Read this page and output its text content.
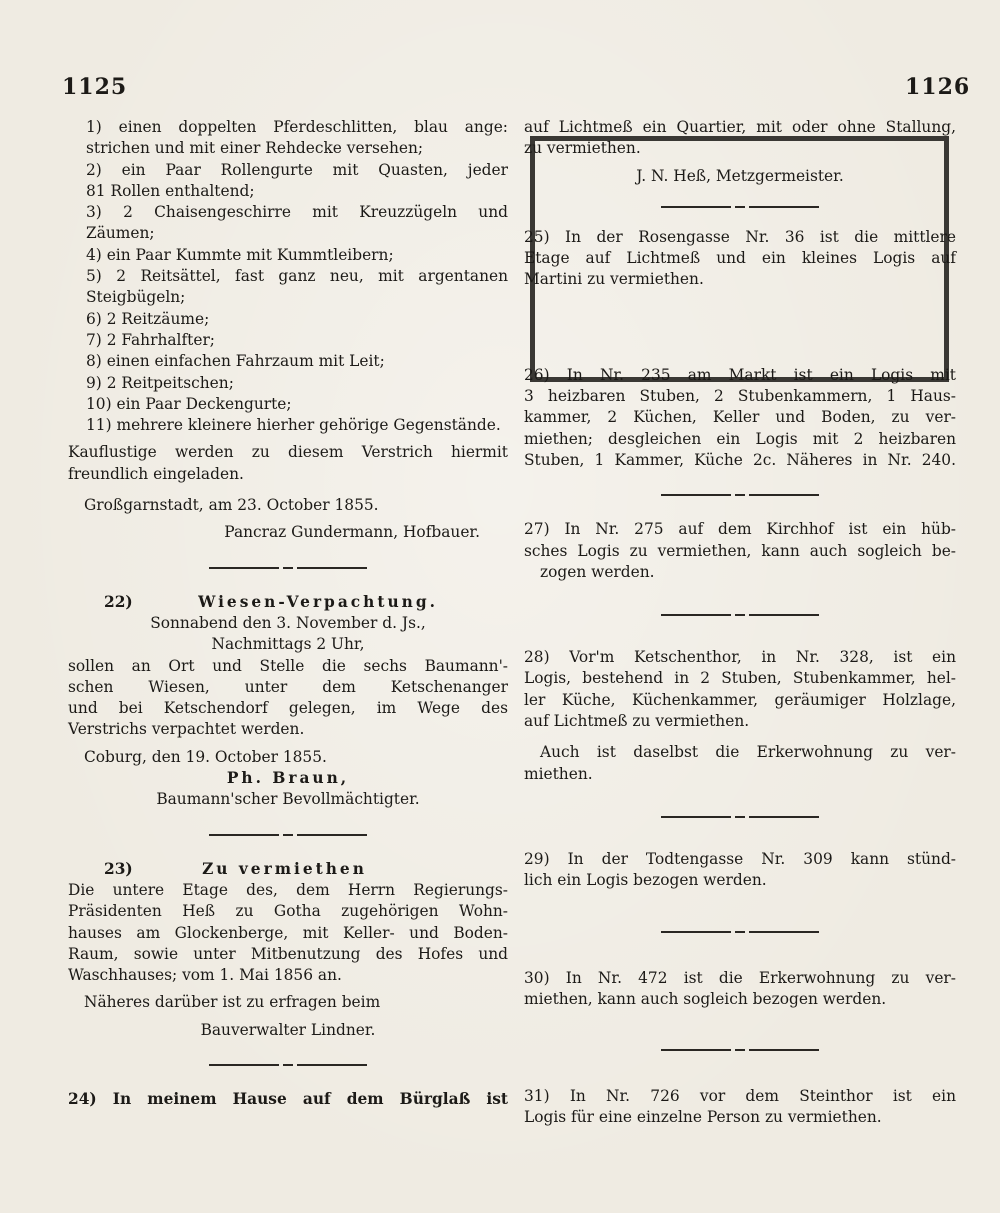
1125	1126
1) einen doppelten Pferdeschlitten, blau ange:
strichen und mit einer Rehdecke versehen;
2) ein Paar Rollengurte mit Quasten, jeder
81 Rollen enthaltend;
3) 2 Chaisengeschirre mit Kreuzzügeln und
Zäumen;
4) ein Paar Kummte mit Kummtleibern;
5) 2 Reitsättel, fast ganz neu, mit argentanen
Steigbügeln;
6) 2 Reitzäume;
7) 2 Fahrhalfter;
8) einen einfachen Fahrzaum mit Leit;
9) 2 Reitpeitschen;
10) ein Paar Deckengurte;
11) mehrere kleinere hierher gehörige Gegenstände.
Kauflustige werden zu diesem Verstrich hiermit
freundlich eingeladen.
Großgarnstadt, am 23. October 1855.
Pancraz Gundermann, Hofbauer.
22)	Wiesen-Verpachtung.
Sonnabend den 3. November d. Js.,
Nachmittags 2 Uhr,
sollen an Ort und Stelle die sechs Baumann'-
schen Wiesen, unter dem Ketschenanger
und bei Ketschendorf gelegen, im Wege des
Verstrichs verpachtet werden.
Coburg, den 19. October 1855.
Ph. Braun,
Baumann'scher Bevollmächtigter.
23)	Zu vermiethen
Die untere Etage des, dem Herrn Regierungs-
Präsidenten Heß zu Gotha zugehörigen Wohn-
hauses am Glockenberge, mit Keller- und Boden-
Raum, sowie unter Mitbenutzung des Hofes und
Waschhauses; vom 1. Mai 1856 an.
Näheres darüber ist zu erfragen beim
Bauverwalter Lindner.
24) In meinem Hause auf dem Bürglaß ist
auf Lichtmeß ein Quartier, mit oder ohne Stallung,
zu vermiethen.
J. N. Heß, Metzgermeister.
25) In der Rosengasse Nr. 36 ist die mittlere
Etage auf Lichtmeß und ein kleines Logis auf
Martini zu vermiethen.
26) In Nr. 235 am Markt ist ein Logis mit
3 heizbaren Stuben, 2 Stubenkammern, 1 Haus-
kammer, 2 Küchen, Keller und Boden, zu ver-
miethen; desgleichen ein Logis mit 2 heizbaren
Stuben, 1 Kammer, Küche 2c. Näheres in Nr. 240.
27) In Nr. 275 auf dem Kirchhof ist ein hüb-
sches Logis zu vermiethen, kann auch sogleich be-
zogen werden.
28) Vor'm Ketschenthor, in Nr. 328, ist ein
Logis, bestehend in 2 Stuben, Stubenkammer, hel-
ler Küche, Küchenkammer, geräumiger Holzlage,
auf Lichtmeß zu vermiethen.
Auch ist daselbst die Erkerwohnung zu ver-
miethen.
29) In der Todtengasse Nr. 309 kann stünd-
lich ein Logis bezogen werden.
30) In Nr. 472 ist die Erkerwohnung zu ver-
miethen, kann auch sogleich bezogen werden.
31) In Nr. 726 vor dem Steinthor ist ein
Logis für eine einzelne Person zu vermiethen.
